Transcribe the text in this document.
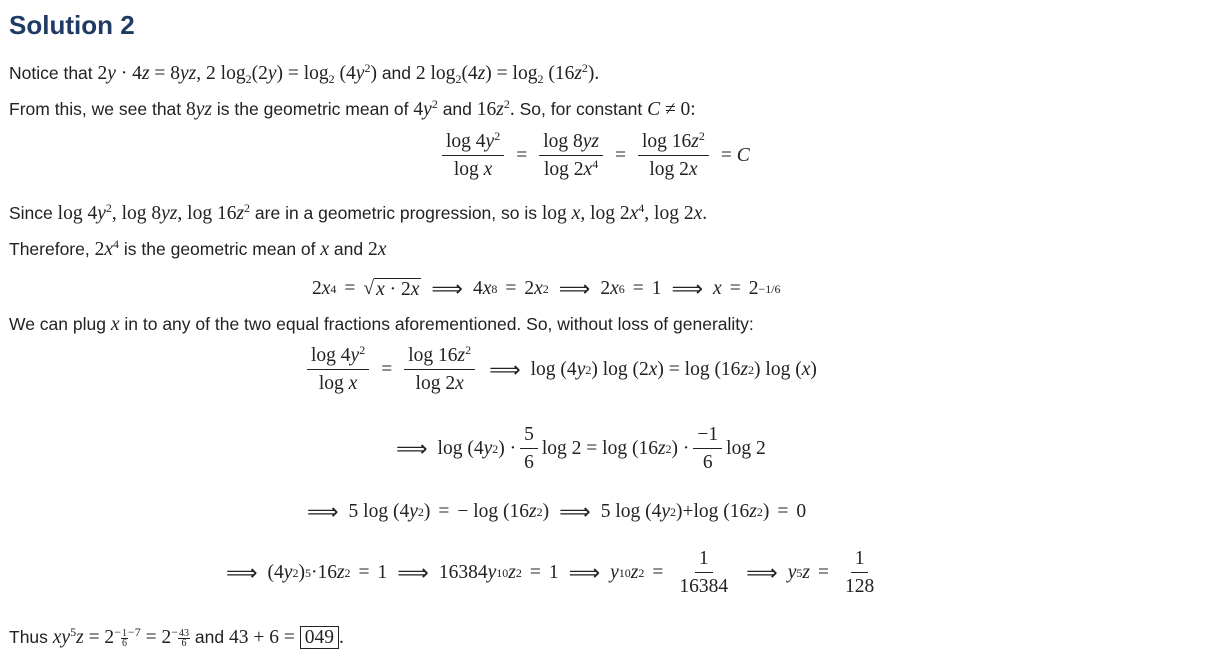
Solution 2
Notice that 2y · 4z = 8yz, 2 $\log_2(2y) = \log_2 (4y^2)$ and 2 $\log_2(4z) = \log_2 (16z^2)$.
From this, we see that 8yz is the geometric mean of $4y^2$ and $16z^2$. So, for constant C ≠ 0:
$\frac{\log 4y^2}{\text{log x}} = \frac{\log 8yz}{\log 2x^4} = \frac{\log 16z^2}{\log 2x} = C$
Since $\log 4y^2$, log 8yz, $\log 16z^2$ are in a geometric progression, so is log x, $\log 2x^4$, log 2x.
Therefore, $2x^4$ is the geometric mean of x and 2x
2 x 4 = √ x · 2x ⟹ 4 x 8 = 2 x 2 ⟹ 2 x 6 = 1 ⟹ x = 2 −1/6
We can plug x in to any of the two equal fractions aforementioned. So, without loss of generality:
$\frac{\log 4y^2}{\text{log x}} = \frac{\log 16z^2}{\log 2x}$ ⟹ log (4 y 2 ) log (2 x ) = log (16 z 2 ) log ( x )
⟹ log (4 y 2 ) · $\frac{5}{6}$ log 2 = log (16 z 2 ) · $\frac{-1}{6}$ log 2
⟹ 5 log (4 y 2 ) = − log (16 z 2 ) ⟹ 5 log (4 y 2 )+log (16 z 2 ) = 0
⟹ (4 y 2 ) 5 ·16 z 2 = 1 ⟹ 16384 y 10 z 2 = 1 ⟹ y 10 z $2 = \frac{1}{16384}$ ⟹ y 5 $z = \frac{1}{128}$
Thus $xy^5z = 2^{- \frac{1}{6} -7} = 2^{- \frac{43}{6}}$ and 43 + 6 = 049 .
